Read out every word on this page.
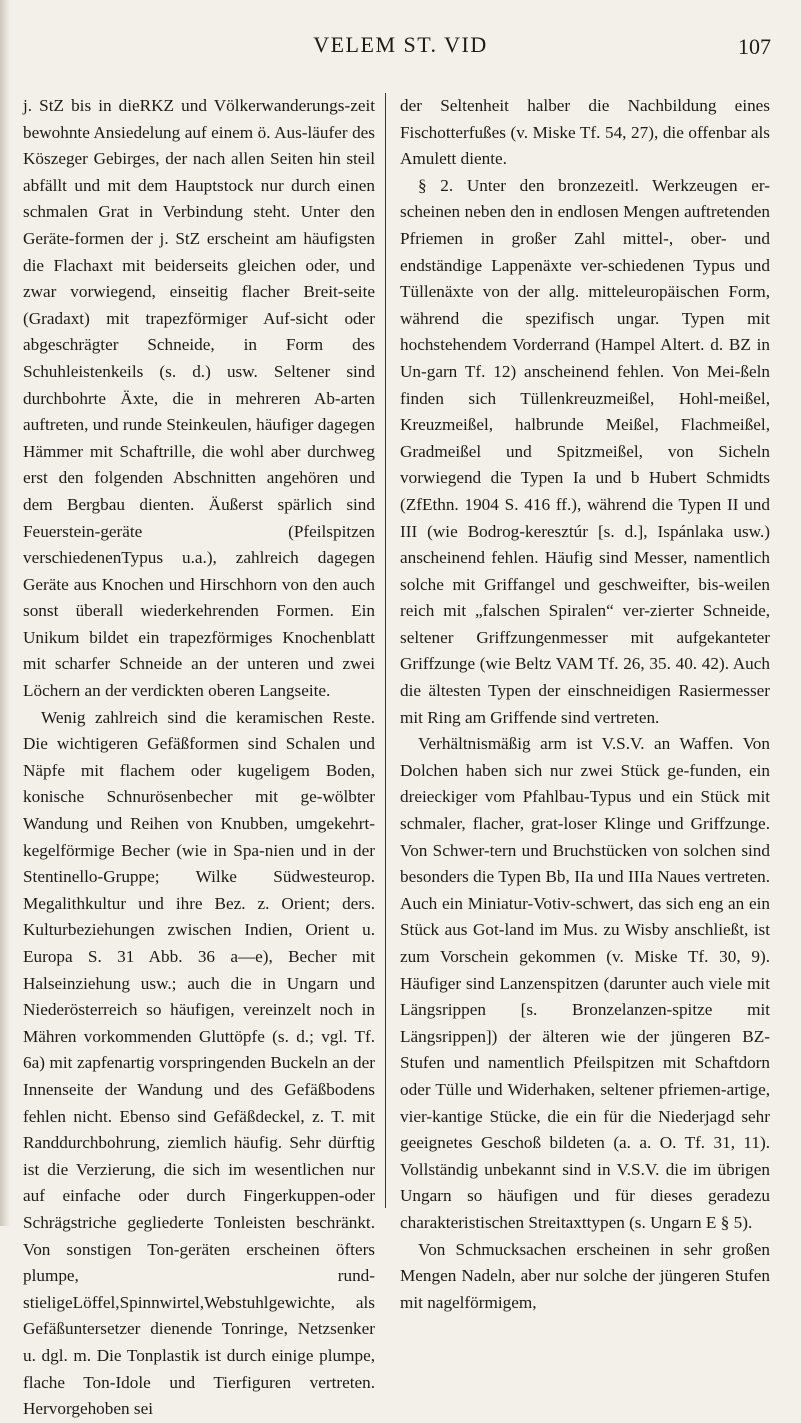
VELEM ST. VID	107

j. StZ bis in dieRKZ und Völkerwanderungs-zeit bewohnte Ansiedelung auf einem ö. Aus-läufer des Köszeger Gebirges, der nach allen Seiten hin steil abfällt und mit dem Hauptstock nur durch einen schmalen Grat in Verbindung steht. Unter den Geräte-formen der j. StZ erscheint am häufigsten die Flachaxt mit beiderseits gleichen oder, und zwar vorwiegend, einseitig flacher Breit-seite (Gradaxt) mit trapezförmiger Auf-sicht oder abgeschrägter Schneide, in Form des Schuhleistenkeils (s. d.) usw. Seltener sind durchbohrte Äxte, die in mehreren Ab-arten auftreten, und runde Steinkeulen, häufiger dagegen Hämmer mit Schaftrille, die wohl aber durchweg erst den folgenden Abschnitten angehören und dem Bergbau dienten. Äußerst spärlich sind Feuerstein-geräte (Pfeilspitzen verschiedenenTypus u.a.), zahlreich dagegen Geräte aus Knochen und Hirschhorn von den auch sonst überall wiederkehrenden Formen. Ein Unikum bildet ein trapezförmiges Knochenblatt mit scharfer Schneide an der unteren und zwei Löchern an der verdickten oberen Langseite.

Wenig zahlreich sind die keramischen Reste. Die wichtigeren Gefäßformen sind Schalen und Näpfe mit flachem oder kugeligem Boden, konische Schnurösenbecher mit ge-wölbter Wandung und Reihen von Knubben, umgekehrt-kegelförmige Becher (wie in Spa-nien und in der Stentinello-Gruppe; Wilke Südwesteurop. Megalithkultur und ihre Bez. z. Orient; ders. Kulturbeziehungen zwischen Indien, Orient u. Europa S. 31 Abb. 36 a—e), Becher mit Halseinziehung usw.; auch die in Ungarn und Niederösterreich so häufigen, vereinzelt noch in Mähren vorkommenden Gluttöpfe (s. d.; vgl. Tf. 6a) mit zapfenartig vorspringenden Buckeln an der Innenseite der Wandung und des Gefäßbodens fehlen nicht. Ebenso sind Gefäßdeckel, z. T. mit Randdurchbohrung, ziemlich häufig. Sehr dürftig ist die Verzierung, die sich im wesentlichen nur auf einfache oder durch Fingerkuppen-oder Schrägstriche gegliederte Tonleisten beschränkt. Von sonstigen Ton-geräten erscheinen öfters plumpe, rund-stieligeLöffel,Spinnwirtel,Webstuhlgewichte, als Gefäßuntersetzer dienende Tonringe, Netzsenker u. dgl. m. Die Tonplastik ist durch einige plumpe, flache Ton-Idole und Tierfiguren vertreten. Hervorgehoben sei

der Seltenheit halber die Nachbildung eines Fischotterfußes (v. Miske Tf. 54, 27), die offenbar als Amulett diente.

§ 2. Unter den bronzezeitl. Werkzeugen er-scheinen neben den in endlosen Mengen auftretenden Pfriemen in großer Zahl mittel-, ober- und endständige Lappenäxte ver-schiedenen Typus und Tüllenäxte von der allg. mitteleuropäischen Form, während die spezifisch ungar. Typen mit hochstehendem Vorderrand (Hampel Altert. d. BZ in Un-garn Tf. 12) anscheinend fehlen. Von Mei-ßeln finden sich Tüllenkreuzmeißel, Hohl-meißel, Kreuzmeißel, halbrunde Meißel, Flachmeißel, Gradmeißel und Spitzmeißel, von Sicheln vorwiegend die Typen Ia und b Hubert Schmidts (ZfEthn. 1904 S. 416 ff.), während die Typen II und III (wie Bodrog-keresztúr [s. d.], Ispánlaka usw.) anscheinend fehlen. Häufig sind Messer, namentlich solche mit Griffangel und geschweifter, bis-weilen reich mit „falschen Spiralen“ ver-zierter Schneide, seltener Griffzungenmesser mit aufgekanteter Griffzunge (wie Beltz VAM Tf. 26, 35. 40. 42). Auch die ältesten Typen der einschneidigen Rasiermesser mit Ring am Griffende sind vertreten.

Verhältnismäßig arm ist V.S.V. an Waffen. Von Dolchen haben sich nur zwei Stück ge-funden, ein dreieckiger vom Pfahlbau-Typus und ein Stück mit schmaler, flacher, grat-loser Klinge und Griffzunge. Von Schwer-tern und Bruchstücken von solchen sind besonders die Typen Bb, IIa und IIIa Naues vertreten. Auch ein Miniatur-Votiv-schwert, das sich eng an ein Stück aus Got-land im Mus. zu Wisby anschließt, ist zum Vorschein gekommen (v. Miske Tf. 30, 9). Häufiger sind Lanzenspitzen (darunter auch viele mit Längsrippen [s. Bronzelanzen-spitze mit Längsrippen]) der älteren wie der jüngeren BZ-Stufen und namentlich Pfeilspitzen mit Schaftdorn oder Tülle und Widerhaken, seltener pfriemen-artige, vier-kantige Stücke, die ein für die Niederjagd sehr geeignetes Geschoß bildeten (a. a. O. Tf. 31, 11). Vollständig unbekannt sind in V.S.V. die im übrigen Ungarn so häufigen und für dieses geradezu charakteristischen Streitaxttypen (s. Ungarn E § 5).

Von Schmucksachen erscheinen in sehr großen Mengen Nadeln, aber nur solche der jüngeren Stufen mit nagelförmigem,
